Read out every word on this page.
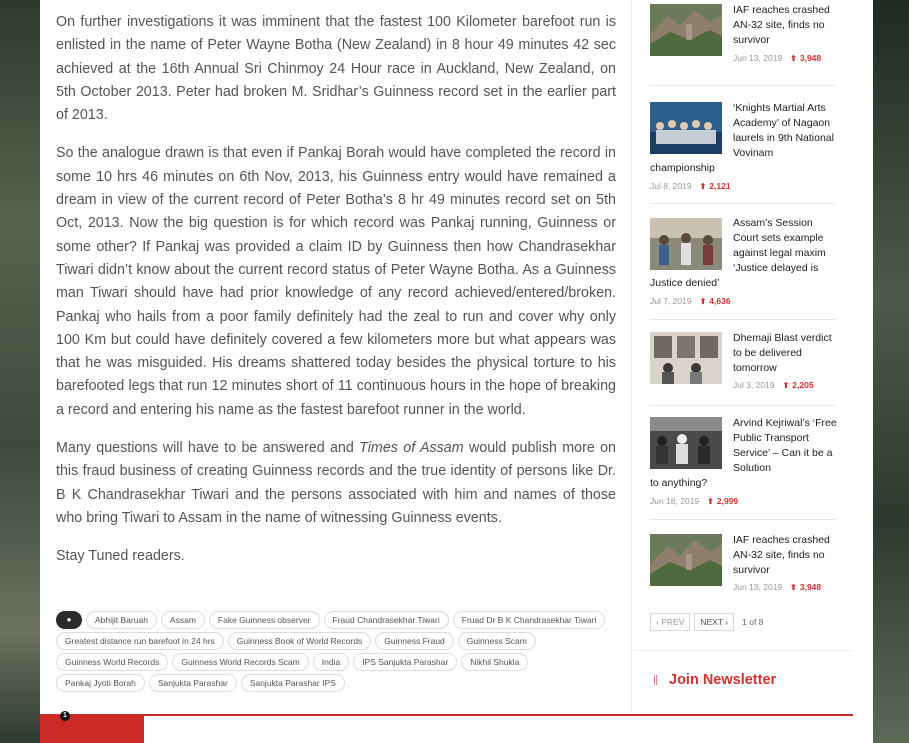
On further investigations it was imminent that the fastest 100 Kilometer barefoot run is enlisted in the name of Peter Wayne Botha (New Zealand) in 8 hour 49 minutes 42 sec achieved at the 16th Annual Sri Chinmoy 24 Hour race in Auckland, New Zealand, on 5th October 2013. Peter had broken M. Sridhar’s Guinness record set in the earlier part of 2013.

So the analogue drawn is that even if Pankaj Borah would have completed the record in some 10 hrs 46 minutes on 6th Nov, 2013, his Guinness entry would have remained a dream in view of the current record of Peter Botha’s 8 hr 49 minutes record set on 5th Oct, 2013. Now the big question is for which record was Pankaj running, Guinness or some other? If Pankaj was provided a claim ID by Guinness then how Chandrasekhar Tiwari didn’t know about the current record status of Peter Wayne Botha. As a Guinness man Tiwari should have had prior knowledge of any record achieved/entered/broken. Pankaj who hails from a poor family definitely had the zeal to run and cover why only 100 Km but could have definitely covered a few kilometers more but what appears was that he was misguided. His dreams shattered today besides the physical torture to his barefooted legs that run 12 minutes short of 11 continuous hours in the hope of breaking a record and entering his name as the fastest barefoot runner in the world.

Many questions will have to be answered and Times of Assam would publish more on this fraud business of creating Guinness records and the true identity of persons like Dr. B K Chandrasekhar Tiwari and the persons associated with him and names of those who bring Tiwari to Assam in the name of witnessing Guinness events.

Stay Tuned readers.

●	Abhijit Baruah	Assam	Fake Guinness observer	Fraud Chandrasekhar Tiwari	Fruad Dr B K Chandrasekhar Tiwari
Greatest distance run barefoot in 24 hrs	Guinness Book of World Records	Guinness Fraud	Guinness Scam
Guinness World Records	Guinness World Records Scam	India	IPS Sanjukta Parashar	Nikhil Shukla
Pankaj Jyoti Borah	Sanjukta Parashar	Sanjukta Parashar IPS
IAF reaches crashed AN-32 site, finds no survivor
Jun 13, 2019 ⬆ 3,948
‘Knights Martial Arts Academy’ of Nagaon laurels in 9th National Vovinam
championship
Jul 8, 2019 ⬆ 2,121
Assam’s Session Court sets example against legal maxim ‘Justice delayed is
Justice denied’
Jul 7, 2019 ⬆ 4,636
Dhemaji Blast verdict to be delivered tomorrow
Jul 3, 2019 ⬆ 2,205
Arvind Kejriwal’s ‘Free Public Transport Service’ – Can it be a Solution
to anything?
Jun 18, 2019 ⬆ 2,999
IAF reaches crashed AN-32 site, finds no survivor
Jun 13, 2019 ⬆ 3,948
‹ PREV	NEXT ›	1 of 8
Join Newsletter
1
